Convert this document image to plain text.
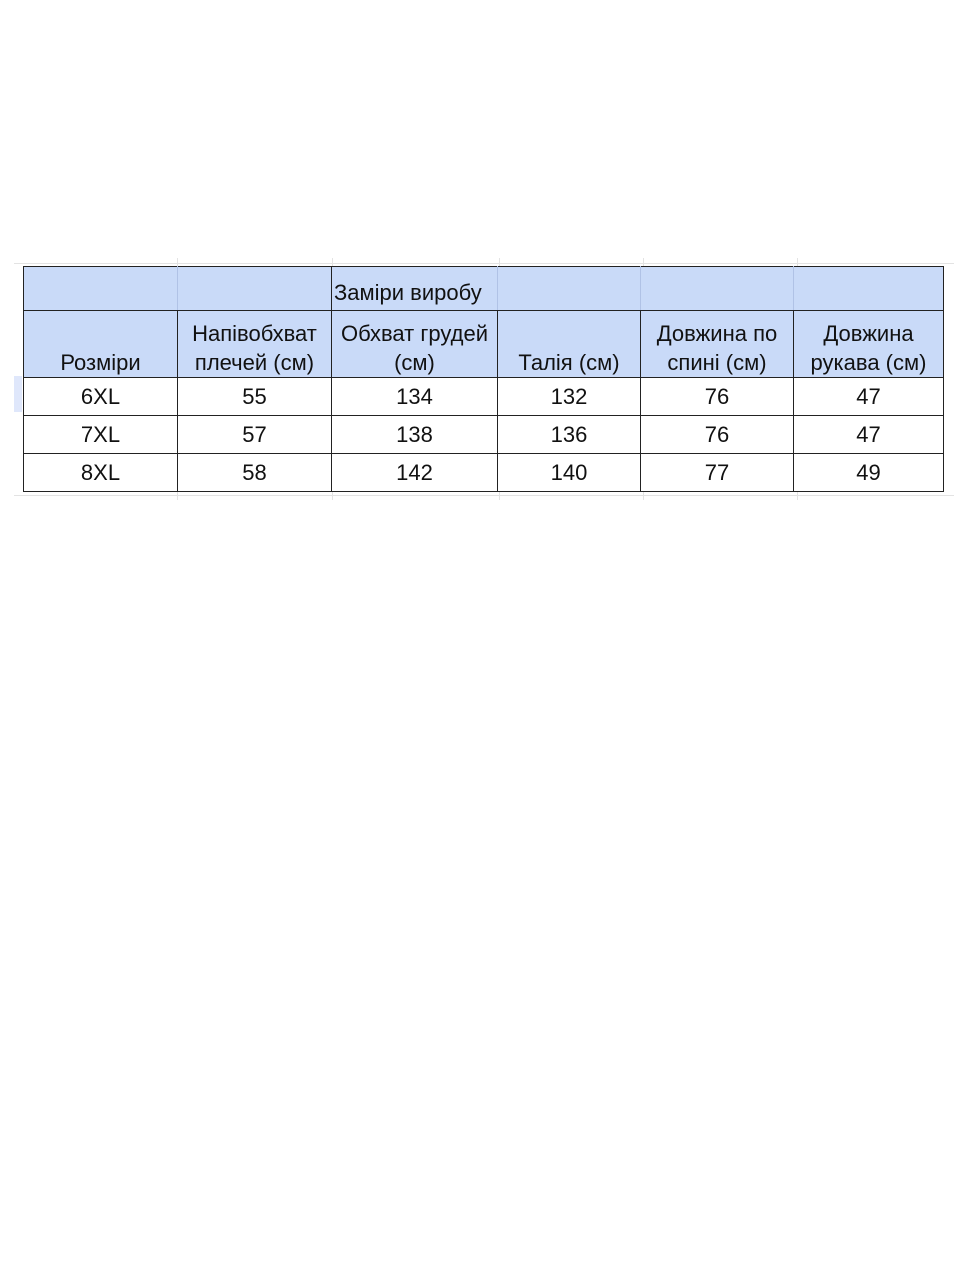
		Заміри виробу			
Розміри	Напівобхват плечей (см)	Обхват грудей (см)	Талія (см)	Довжина по спині (см)	Довжина рукава (см)
6XL	55	134	132	76	47
7XL	57	138	136	76	47
8XL	58	142	140	77	49
